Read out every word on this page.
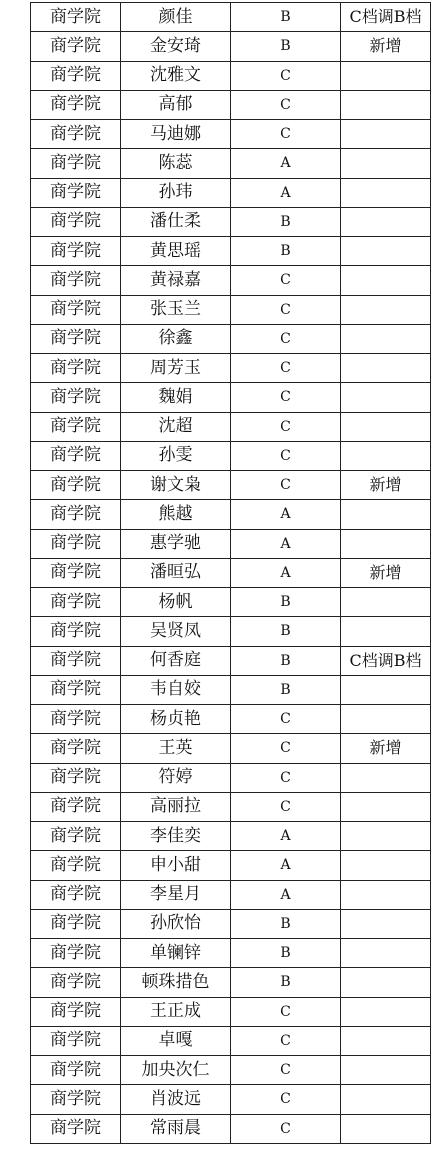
商学院	颜佳	B	C档调B档
商学院	金安琦	B	新增
商学院	沈雅文	C	
商学院	高郁	C	
商学院	马迪娜	C	
商学院	陈蕊	A	
商学院	孙玮	A	
商学院	潘仕柔	B	
商学院	黄思瑶	B	
商学院	黄禄嘉	C	
商学院	张玉兰	C	
商学院	徐鑫	C	
商学院	周芳玉	C	
商学院	魏娟	C	
商学院	沈超	C	
商学院	孙雯	C	
商学院	谢文枭	C	新增
商学院	熊越	A	
商学院	惠学驰	A	
商学院	潘晅弘	A	新增
商学院	杨帆	B	
商学院	吴贤凤	B	
商学院	何香庭	B	C档调B档
商学院	韦自姣	B	
商学院	杨贞艳	C	
商学院	王英	C	新增
商学院	符婷	C	
商学院	高丽拉	C	
商学院	李佳奕	A	
商学院	申小甜	A	
商学院	李星月	A	
商学院	孙欣怡	B	
商学院	单镧锌	B	
商学院	顿珠措色	B	
商学院	王正成	C	
商学院	卓嘎	C	
商学院	加央次仁	C	
商学院	肖波远	C	
商学院	常雨晨	C	
